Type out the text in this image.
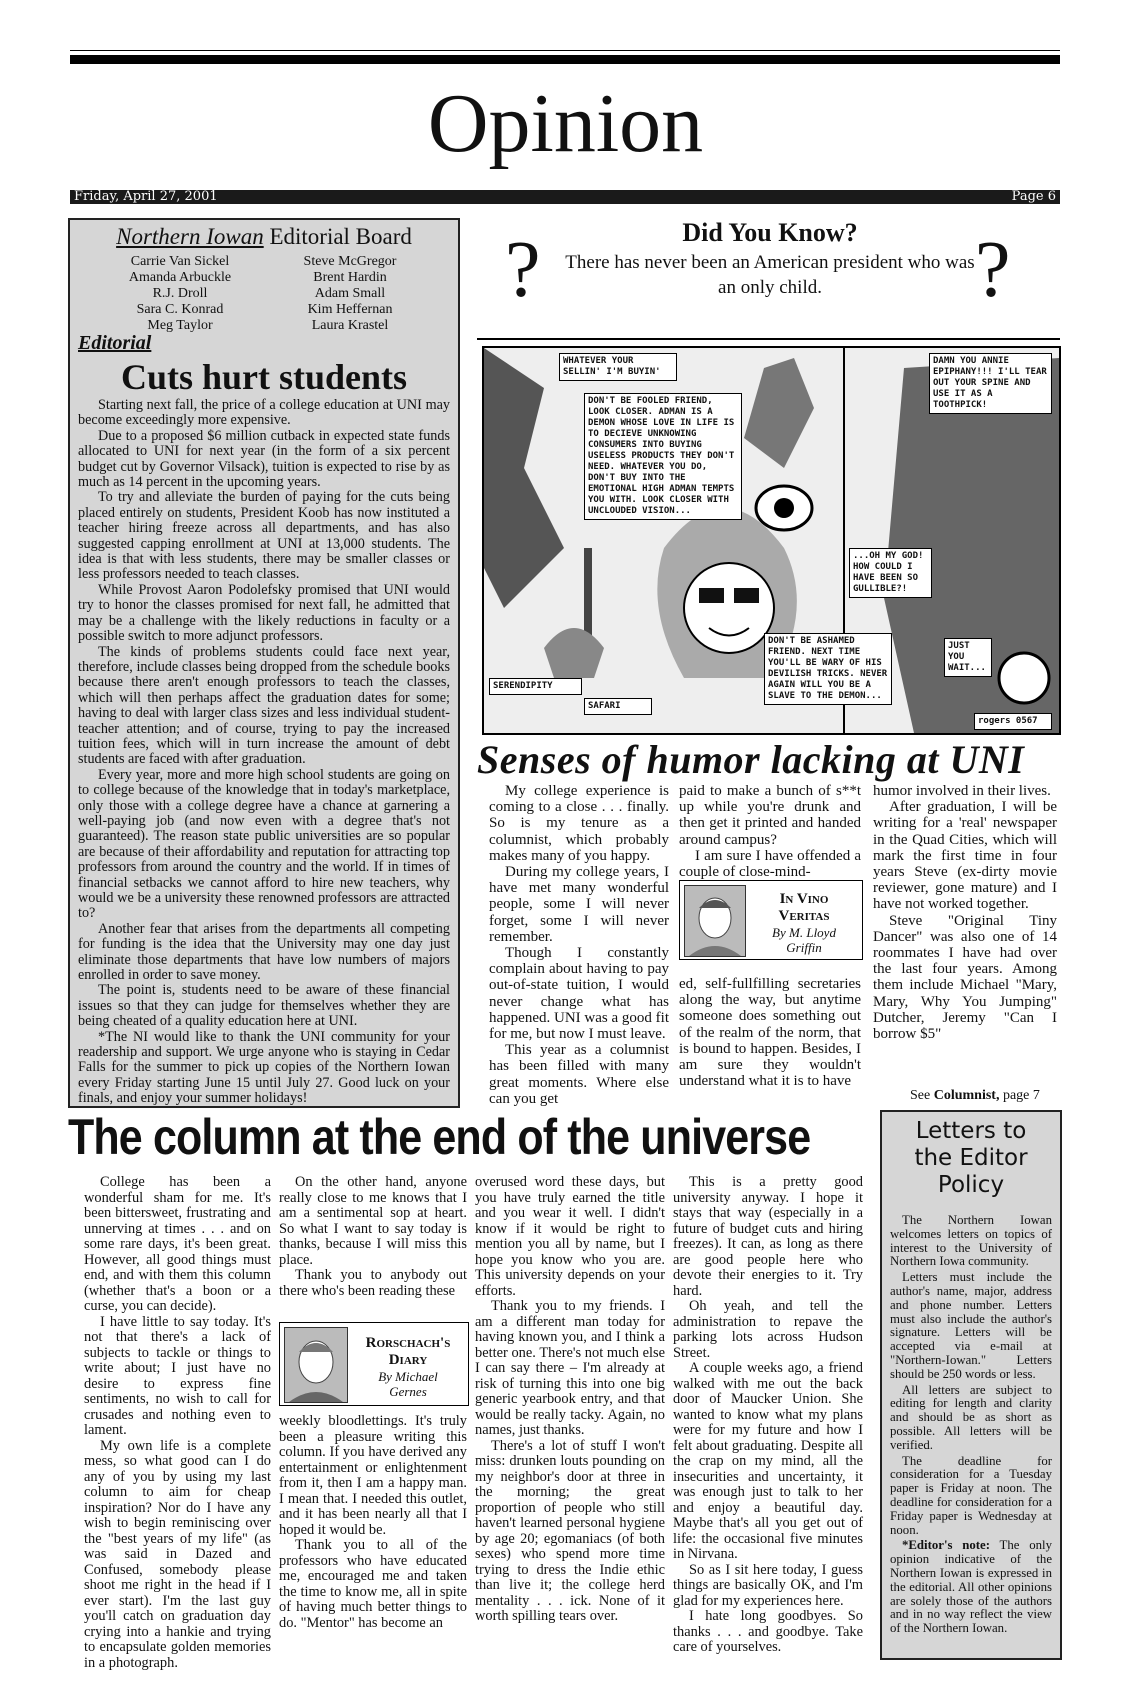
Opinion
Friday, April 27, 2001	Page 6
Northern Iowan Editorial Board
Carrie Van Sickel
Amanda Arbuckle
R.J. Droll
Sara C. Konrad
Meg Taylor
Steve McGregor
Brent Hardin
Adam Small
Kim Heffernan
Laura Krastel
Editorial
Cuts hurt students

Starting next fall, the price of a college education at UNI may become exceedingly more expensive.

Due to a proposed $6 million cutback in expected state funds allocated to UNI for next year (in the form of a six percent budget cut by Governor Vilsack), tuition is expected to rise by as much as 14 percent in the upcoming years.

To try and alleviate the burden of paying for the cuts being placed entirely on students, President Koob has now instituted a teacher hiring freeze across all departments, and has also suggested capping enrollment at UNI at 13,000 students. The idea is that with less students, there may be smaller classes or less professors needed to teach classes.

While Provost Aaron Podolefsky promised that UNI would try to honor the classes promised for next fall, he admitted that may be a challenge with the likely reductions in faculty or a possible switch to more adjunct professors.

The kinds of problems students could face next year, therefore, include classes being dropped from the schedule books because there aren't enough professors to teach the classes, which will then perhaps affect the graduation dates for some; having to deal with larger class sizes and less individual student-teacher attention; and of course, trying to pay the increased tuition fees, which will in turn increase the amount of debt students are faced with after graduation.

Every year, more and more high school students are going on to college because of the knowledge that in today's marketplace, only those with a college degree have a chance at garnering a well-paying job (and now even with a degree that's not guaranteed). The reason state public universities are so popular are because of their affordability and reputation for attracting top professors from around the country and the world. If in times of financial setbacks we cannot afford to hire new teachers, why would we be a university these renowned professors are attracted to?

Another fear that arises from the departments all competing for funding is the idea that the University may one day just eliminate those departments that have low numbers of majors enrolled in order to save money.

The point is, students need to be aware of these financial issues so that they can judge for themselves whether they are being cheated of a quality education here at UNI.

*The NI would like to thank the UNI community for your readership and support. We urge anyone who is staying in Cedar Falls for the summer to pick up copies of the Northern Iowan every Friday starting June 15 until July 27. Good luck on your finals, and enjoy your summer holidays!

?	?
Did You Know?
There has never been an American president who was an only child.
WHATEVER YOUR SELLIN' I'M BUYIN'
DON'T BE FOOLED FRIEND, LOOK CLOSER. ADMAN IS A DEMON WHOSE LOVE IN LIFE IS TO DECIEVE UNKNOWING CONSUMERS INTO BUYING USELESS PRODUCTS THEY DON'T NEED. WHATEVER YOU DO, DON'T BUY INTO THE EMOTIONAL HIGH ADMAN TEMPTS YOU WITH. LOOK CLOSER WITH UNCLOUDED VISION...
DAMN YOU ANNIE EPIPHANY!!! I'LL TEAR OUT YOUR SPINE AND USE IT AS A TOOTHPICK!
...OH MY GOD! HOW COULD I HAVE BEEN SO GULLIBLE?!
DON'T BE ASHAMED FRIEND. NEXT TIME YOU'LL BE WARY OF HIS DEVILISH TRICKS. NEVER AGAIN WILL YOU BE A SLAVE TO THE DEMON...
JUST YOU WAIT...
SERENDIPITY
SAFARI
rogers 0567
Senses of humor lacking at UNI

My college experience is coming to a close . . . finally. So is my tenure as a columnist, which probably makes many of you happy.

During my college years, I have met many wonderful people, some I will never forget, some I will never remember.

Though I constantly complain about having to pay out-of-state tuition, I would never change what has happened. UNI was a good fit for me, but now I must leave.

This year as a columnist has been filled with many great moments. Where else can you get

paid to make a bunch of s**t up while you're drunk and then get it printed and handed around campus?

I am sure I have offended a couple of close-mind-

In Vino
Veritas
By M. Lloyd
Griffin

ed, self-fullfilling secretaries along the way, but anytime someone does something out of the realm of the norm, that is bound to happen. Besides, I am sure they wouldn't understand what it is to have

humor involved in their lives.

After graduation, I will be writing for a 'real' newspaper in the Quad Cities, which will mark the first time in four years Steve (ex-dirty movie reviewer, gone mature) and I have not worked together.

Steve "Original Tiny Dancer" was also one of 14 roommates I have had over the last four years. Among them include Michael "Mary, Mary, Why You Jumping" Dutcher, Jeremy "Can I borrow $5"

See Columnist, page 7
The column at the end of the universe

College has been a wonderful sham for me. It's been bittersweet, frustrating and unnerving at times . . . and on some rare days, it's been great. However, all good things must end, and with them this column (whether that's a boon or a curse, you can decide).

I have little to say today. It's not that there's a lack of subjects to tackle or things to write about; I just have no desire to express fine sentiments, no wish to call for crusades and nothing even to lament.

My own life is a complete mess, so what good can I do any of you by using my last column to aim for cheap inspiration? Nor do I have any wish to begin reminiscing over the "best years of my life" (as was said in Dazed and Confused, somebody please shoot me right in the head if I ever start). I'm the last guy you'll catch on graduation day crying into a hankie and trying to encapsulate golden memories in a photograph.

On the other hand, anyone really close to me knows that I am a sentimental sop at heart. So what I want to say today is thanks, because I will miss this place.

Thank you to anybody out there who's been reading these

Rorschach's
Diary
By Michael
Gernes

weekly bloodlettings. It's truly been a pleasure writing this column. If you have derived any entertainment or enlightenment from it, then I am a happy man. I mean that. I needed this outlet, and it has been nearly all that I hoped it would be.

Thank you to all of the professors who have educated me, encouraged me and taken the time to know me, all in spite of having much better things to do. "Mentor" has become an

overused word these days, but you have truly earned the title and you wear it well. I didn't know if it would be right to mention you all by name, but I hope you know who you are. This university depends on your efforts.

Thank you to my friends. I am a different man today for having known you, and I think a better one. There's not much else I can say there – I'm already at risk of turning this into one big generic yearbook entry, and that would be really tacky. Again, no names, just thanks.

There's a lot of stuff I won't miss: drunken louts pounding on my neighbor's door at three in the morning; the great proportion of people who still haven't learned personal hygiene by age 20; egomaniacs (of both sexes) who spend more time trying to dress the Indie ethic than live it; the college herd mentality . . . ick. None of it worth spilling tears over.

This is a pretty good university anyway. I hope it stays that way (especially in a future of budget cuts and hiring freezes). It can, as long as there are good people here who devote their energies to it. Try hard.

Oh yeah, and tell the administration to repave the parking lots across Hudson Street.

A couple weeks ago, a friend walked with me out the back door of Maucker Union. She wanted to know what my plans were for my future and how I felt about graduating. Despite all the crap on my mind, all the insecurities and uncertainty, it was enough just to talk to her and enjoy a beautiful day. Maybe that's all you get out of life: the occasional five minutes in Nirvana.

So as I sit here today, I guess things are basically OK, and I'm glad for my experiences here.

I hate long goodbyes. So thanks . . . and goodbye. Take care of yourselves.

Letters to
the Editor
Policy

The Northern Iowan welcomes letters on topics of interest to the University of Northern Iowa community.

Letters must include the author's name, major, address and phone number. Letters must also include the author's signature. Letters will be accepted via e-mail at "Northern-Iowan." Letters should be 250 words or less.

All letters are subject to editing for length and clarity and should be as short as possible. All letters will be verified.

The deadline for consideration for a Tuesday paper is Friday at noon. The deadline for consideration for a Friday paper is Wednesday at noon.

*Editor's note: The only opinion indicative of the Northern Iowan is expressed in the editorial. All other opinions are solely those of the authors and in no way reflect the view of the Northern Iowan.
